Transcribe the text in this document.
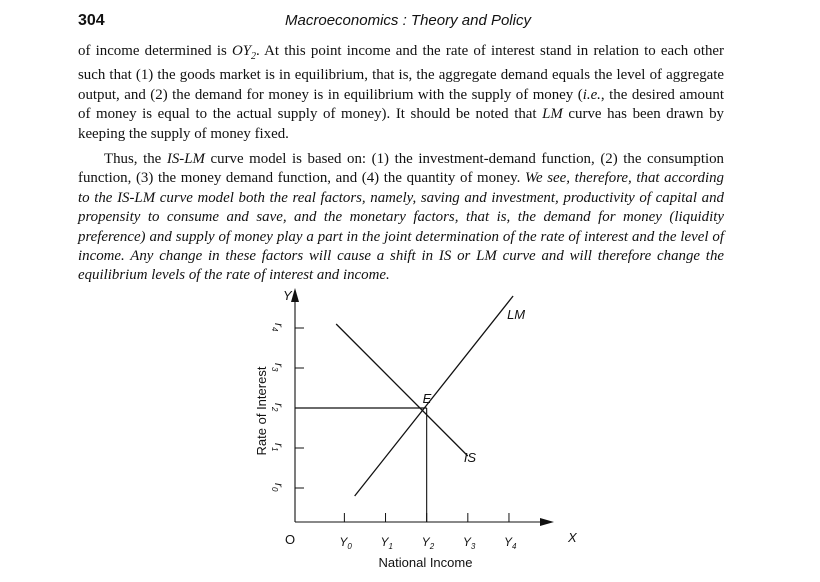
304	Macroeconomics : Theory and Policy

of income determined is $OY_2$. At this point income and the rate of interest stand in relation to each other such that (1) the goods market is in equilibrium, that is, the aggregate demand equals the level of aggregate output, and (2) the demand for money is in equilibrium with the supply of money (i.e., the desired amount of money is equal to the actual supply of money). It should be noted that LM curve has been drawn by keeping the supply of money fixed.

Thus, the IS-LM curve model is based on: (1) the investment-demand function, (2) the consumption function, (3) the money demand function, and (4) the quantity of money. We see, therefore, that according to the IS-LM curve model both the real factors, namely, saving and investment, productivity of capital and propensity to consume and save, and the monetary factors, that is, the demand for money (liquidity preference) and supply of money play a part in the joint determination of the rate of interest and the level of income. Any change in these factors will cause a shift in IS or LM curve and will therefore change the equilibrium levels of the rate of interest and income.

X
Y
O	$Y_0$ $Y_1$ $Y_2$ $Y_3$ $Y_4$
$r_0$
$r_1$
$r_2$
$r_3$
$r_4$
National Income
Rate of Interest
IS
LM
E
